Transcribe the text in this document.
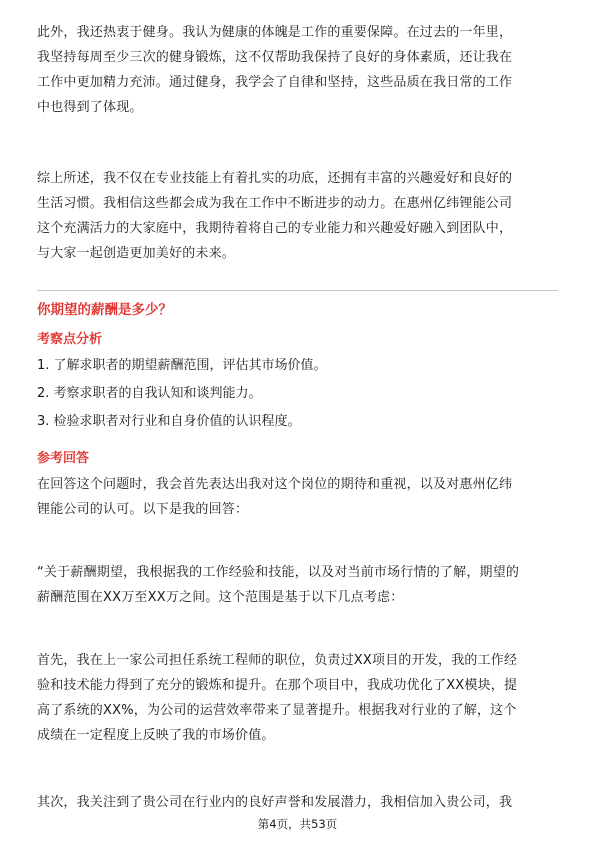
此外，我还热衷于健身。我认为健康的体魄是工作的重要保障。在过去的一年里，
我坚持每周至少三次的健身锻炼，这不仅帮助我保持了良好的身体素质，还让我在
工作中更加精力充沛。通过健身，我学会了自律和坚持，这些品质在我日常的工作
中也得到了体现。
综上所述，我不仅在专业技能上有着扎实的功底，还拥有丰富的兴趣爱好和良好的
生活习惯。我相信这些都会成为我在工作中不断进步的动力。在惠州亿纬锂能公司
这个充满活力的大家庭中，我期待着将自己的专业能力和兴趣爱好融入到团队中，
与大家一起创造更加美好的未来。
你期望的薪酬是多少？
考察点分析
1. 了解求职者的期望薪酬范围，评估其市场价值。
2. 考察求职者的自我认知和谈判能力。
3. 检验求职者对行业和自身价值的认识程度。
参考回答
在回答这个问题时，我会首先表达出我对这个岗位的期待和重视，以及对惠州亿纬
锂能公司的认可。以下是我的回答：
“关于薪酬期望，我根据我的工作经验和技能，以及对当前市场行情的了解，期望的
薪酬范围在XX万至XX万之间。这个范围是基于以下几点考虑：
首先，我在上一家公司担任系统工程师的职位，负责过XX项目的开发，我的工作经
验和技术能力得到了充分的锻炼和提升。在那个项目中，我成功优化了XX模块，提
高了系统的XX%，为公司的运营效率带来了显著提升。根据我对行业的了解，这个
成绩在一定程度上反映了我的市场价值。
其次，我关注到了贵公司在行业内的良好声誉和发展潜力，我相信加入贵公司，我
第4页，共53页
